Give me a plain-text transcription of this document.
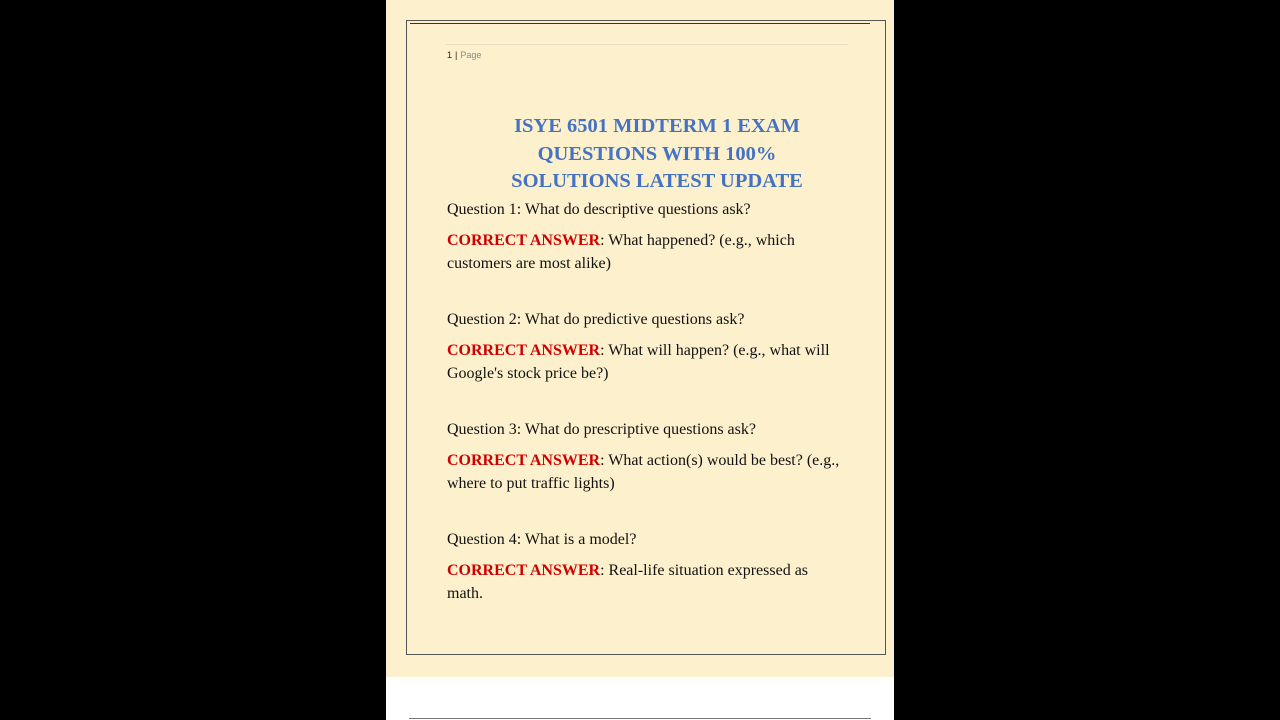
1 | Page
ISYE 6501 MIDTERM 1 EXAM
QUESTIONS WITH 100%
SOLUTIONS LATEST UPDATE
Question 1: What do descriptive questions ask?
CORRECT ANSWER: What happened? (e.g., which customers are most alike)
Question 2: What do predictive questions ask?
CORRECT ANSWER: What will happen? (e.g., what will Google's stock price be?)
Question 3: What do prescriptive questions ask?
CORRECT ANSWER: What action(s) would be best? (e.g., where to put traffic lights)
Question 4: What is a model?
CORRECT ANSWER: Real-life situation expressed as math.
